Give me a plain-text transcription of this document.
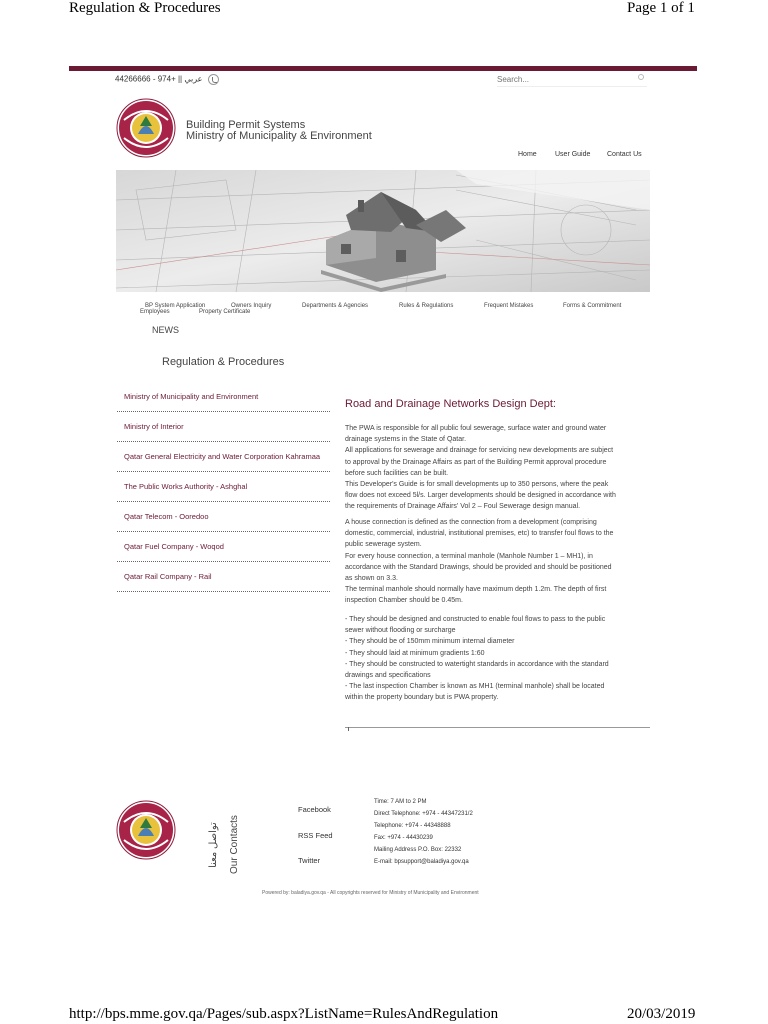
Regulation & Procedures	Page 1 of 1
عربي || +974 - 44266666
Search...
Building Permit Systems
Ministry of Municipality & Environment
Home	User Guide Contact Us
BP System Application	Owners Inquiry	Departments & Agencies	Rules & Regulations	Frequent Mistakes	Forms & Commitment
Employees	Property Certificate
NEWS
Regulation & Procedures
Ministry of Municipality and Environment
Ministry of Interior
Qatar General Electricity and Water Corporation Kahramaa
The Public Works Authority - Ashghal
Qatar Telecom - Ooredoo
Qatar Fuel Company - Woqod
Qatar Rail Company - Rail
Road and Drainage Networks Design Dept:
The PWA is responsible for all public foul sewerage, surface water and ground water
drainage systems in the State of Qatar.
All applications for sewerage and drainage for servicing new developments are subject
to approval by the Drainage Affairs as part of the Building Permit approval procedure
before such facilities can be built.
This Developer's Guide is for small developments up to 350 persons, where the peak
flow does not exceed 5l/s. Larger developments should be designed in accordance with
the requirements of Drainage Affairs' Vol 2 – Foul Sewerage design manual.
A house connection is defined as the connection from a development (comprising
domestic, commercial, industrial, institutional premises, etc) to transfer foul flows to the
public sewerage system.
For every house connection, a terminal manhole (Manhole Number 1 – MH1), in
accordance with the Standard Drawings, should be provided and should be positioned
as shown on 3.3.
The terminal manhole should normally have maximum depth 1.2m. The depth of first
inspection Chamber should be 0.45m.
- They should be designed and constructed to enable foul flows to pass to the public
sewer without flooding or surcharge
- They should be of 150mm minimum internal diameter
- They should laid at minimum gradients 1:60
- They should be constructed to watertight standards in accordance with the standard
drawings and specifications
- The last inspection Chamber is known as MH1 (terminal manhole) shall be located
within the property boundary but is PWA property.
تواصل معنا Our Contacts
Facebook
RSS Feed
Twitter
Time: 7 AM to 2 PM
Direct Telephone: +974 - 44347231/2
Telephone: +974 - 44348888
Fax: +974 - 44430239
Mailing Address P.O. Box: 22332
E-mail: bpsupport@baladiya.gov.qa
Powered by: baladiya.gov.qa - All copyrights reserved for Ministry of Municipality and Environment
http://bps.mme.gov.qa/Pages/sub.aspx?ListName=RulesAndRegulation	20/03/2019
